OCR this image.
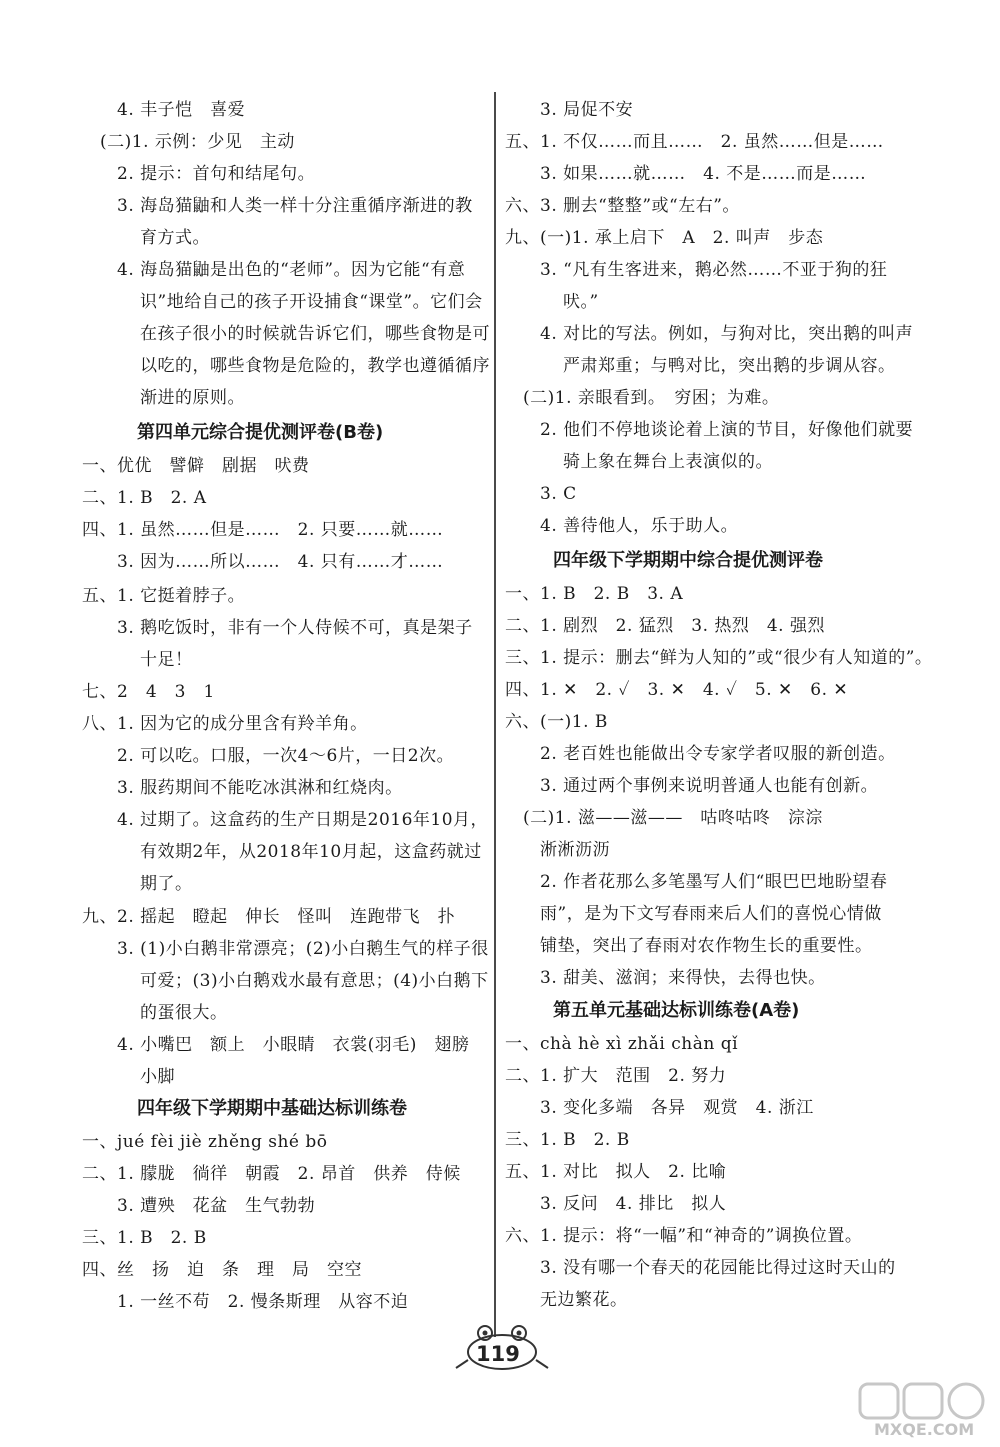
4. 丰子恺　喜爱
(二)1. 示例：少见　主动
2. 提示：首句和结尾句。
3. 海岛猫鼬和人类一样十分注重循序渐进的教
育方式。
4. 海岛猫鼬是出色的“老师”。因为它能“有意
识”地给自己的孩子开设捕食“课堂”。它们会
在孩子很小的时候就告诉它们，哪些食物是可
以吃的，哪些食物是危险的，教学也遵循循序
渐进的原则。
第四单元综合提优测评卷(B卷)
一、优优　譬僻　剧据　吠费
二、1. B　2. A
四、1. 虽然……但是……　2. 只要……就……
3. 因为……所以……　4. 只有……才……
五、1. 它挺着脖子。
3. 鹅吃饭时，非有一个人侍候不可，真是架子
十足！
七、2　4　3　1
八、1. 因为它的成分里含有羚羊角。
2. 可以吃。口服，一次4～6片，一日2次。
3. 服药期间不能吃冰淇淋和红烧肉。
4. 过期了。这盒药的生产日期是2016年10月，
有效期2年，从2018年10月起，这盒药就过
期了。
九、2. 摇起　瞪起　伸长　怪叫　连跑带飞　扑
3. (1)小白鹅非常漂亮；(2)小白鹅生气的样子很
可爱；(3)小白鹅戏水最有意思；(4)小白鹅下
的蛋很大。
4. 小嘴巴　额上　小眼睛　衣裳(羽毛)　翅膀
小脚
四年级下学期期中基础达标训练卷
一、jué fèi jiè zhěng shé bō
二、1. 朦胧　徜徉　朝霞　2. 昂首　供养　侍候
3. 遭殃　花盆　生气勃勃
三、1. B　2. B
四、丝　扬　迫　条　理　局　空空
1. 一丝不苟　2. 慢条斯理　从容不迫
3. 局促不安
五、1. 不仅……而且……　2. 虽然……但是……
3. 如果……就……　4. 不是……而是……
六、3. 删去“整整”或“左右”。
九、(一)1. 承上启下　A　2. 叫声　步态
3. “凡有生客进来，鹅必然……不亚于狗的狂
吠。”
4. 对比的写法。例如，与狗对比，突出鹅的叫声
严肃郑重；与鸭对比，突出鹅的步调从容。
(二)1. 亲眼看到。　穷困；为难。
2. 他们不停地谈论着上演的节目，好像他们就要
骑上象在舞台上表演似的。
3. C
4. 善待他人，乐于助人。
四年级下学期期中综合提优测评卷
一、1. B　2. B　3. A
二、1. 剧烈　2. 猛烈　3. 热烈　4. 强烈
三、1. 提示：删去“鲜为人知的”或“很少有人知道的”。
四、1. ✕　2. ✓　3. ✕　4. ✓　5. ✕　6. ✕
六、(一)1. B
2. 老百姓也能做出令专家学者叹服的新创造。
3. 通过两个事例来说明普通人也能有创新。
(二)1. 滋——滋——　咕咚咕咚　淙淙
淅淅沥沥
2. 作者花那么多笔墨写人们“眼巴巴地盼望春
雨”，是为下文写春雨来后人们的喜悦心情做
铺垫，突出了春雨对农作物生长的重要性。
3. 甜美、滋润；来得快，去得也快。
第五单元基础达标训练卷(A卷)
一、chà hè xì zhǎi chàn qǐ
二、1. 扩大　范围　2. 努力
3. 变化多端　各异　观赏　4. 浙江
三、1. B　2. B
五、1. 对比　拟人　2. 比喻
3. 反问　4. 排比　拟人
六、1. 提示：将“一幅”和“神奇的”调换位置。
3. 没有哪一个春天的花园能比得过这时天山的
无边繁花。
119
MXQE.COM
